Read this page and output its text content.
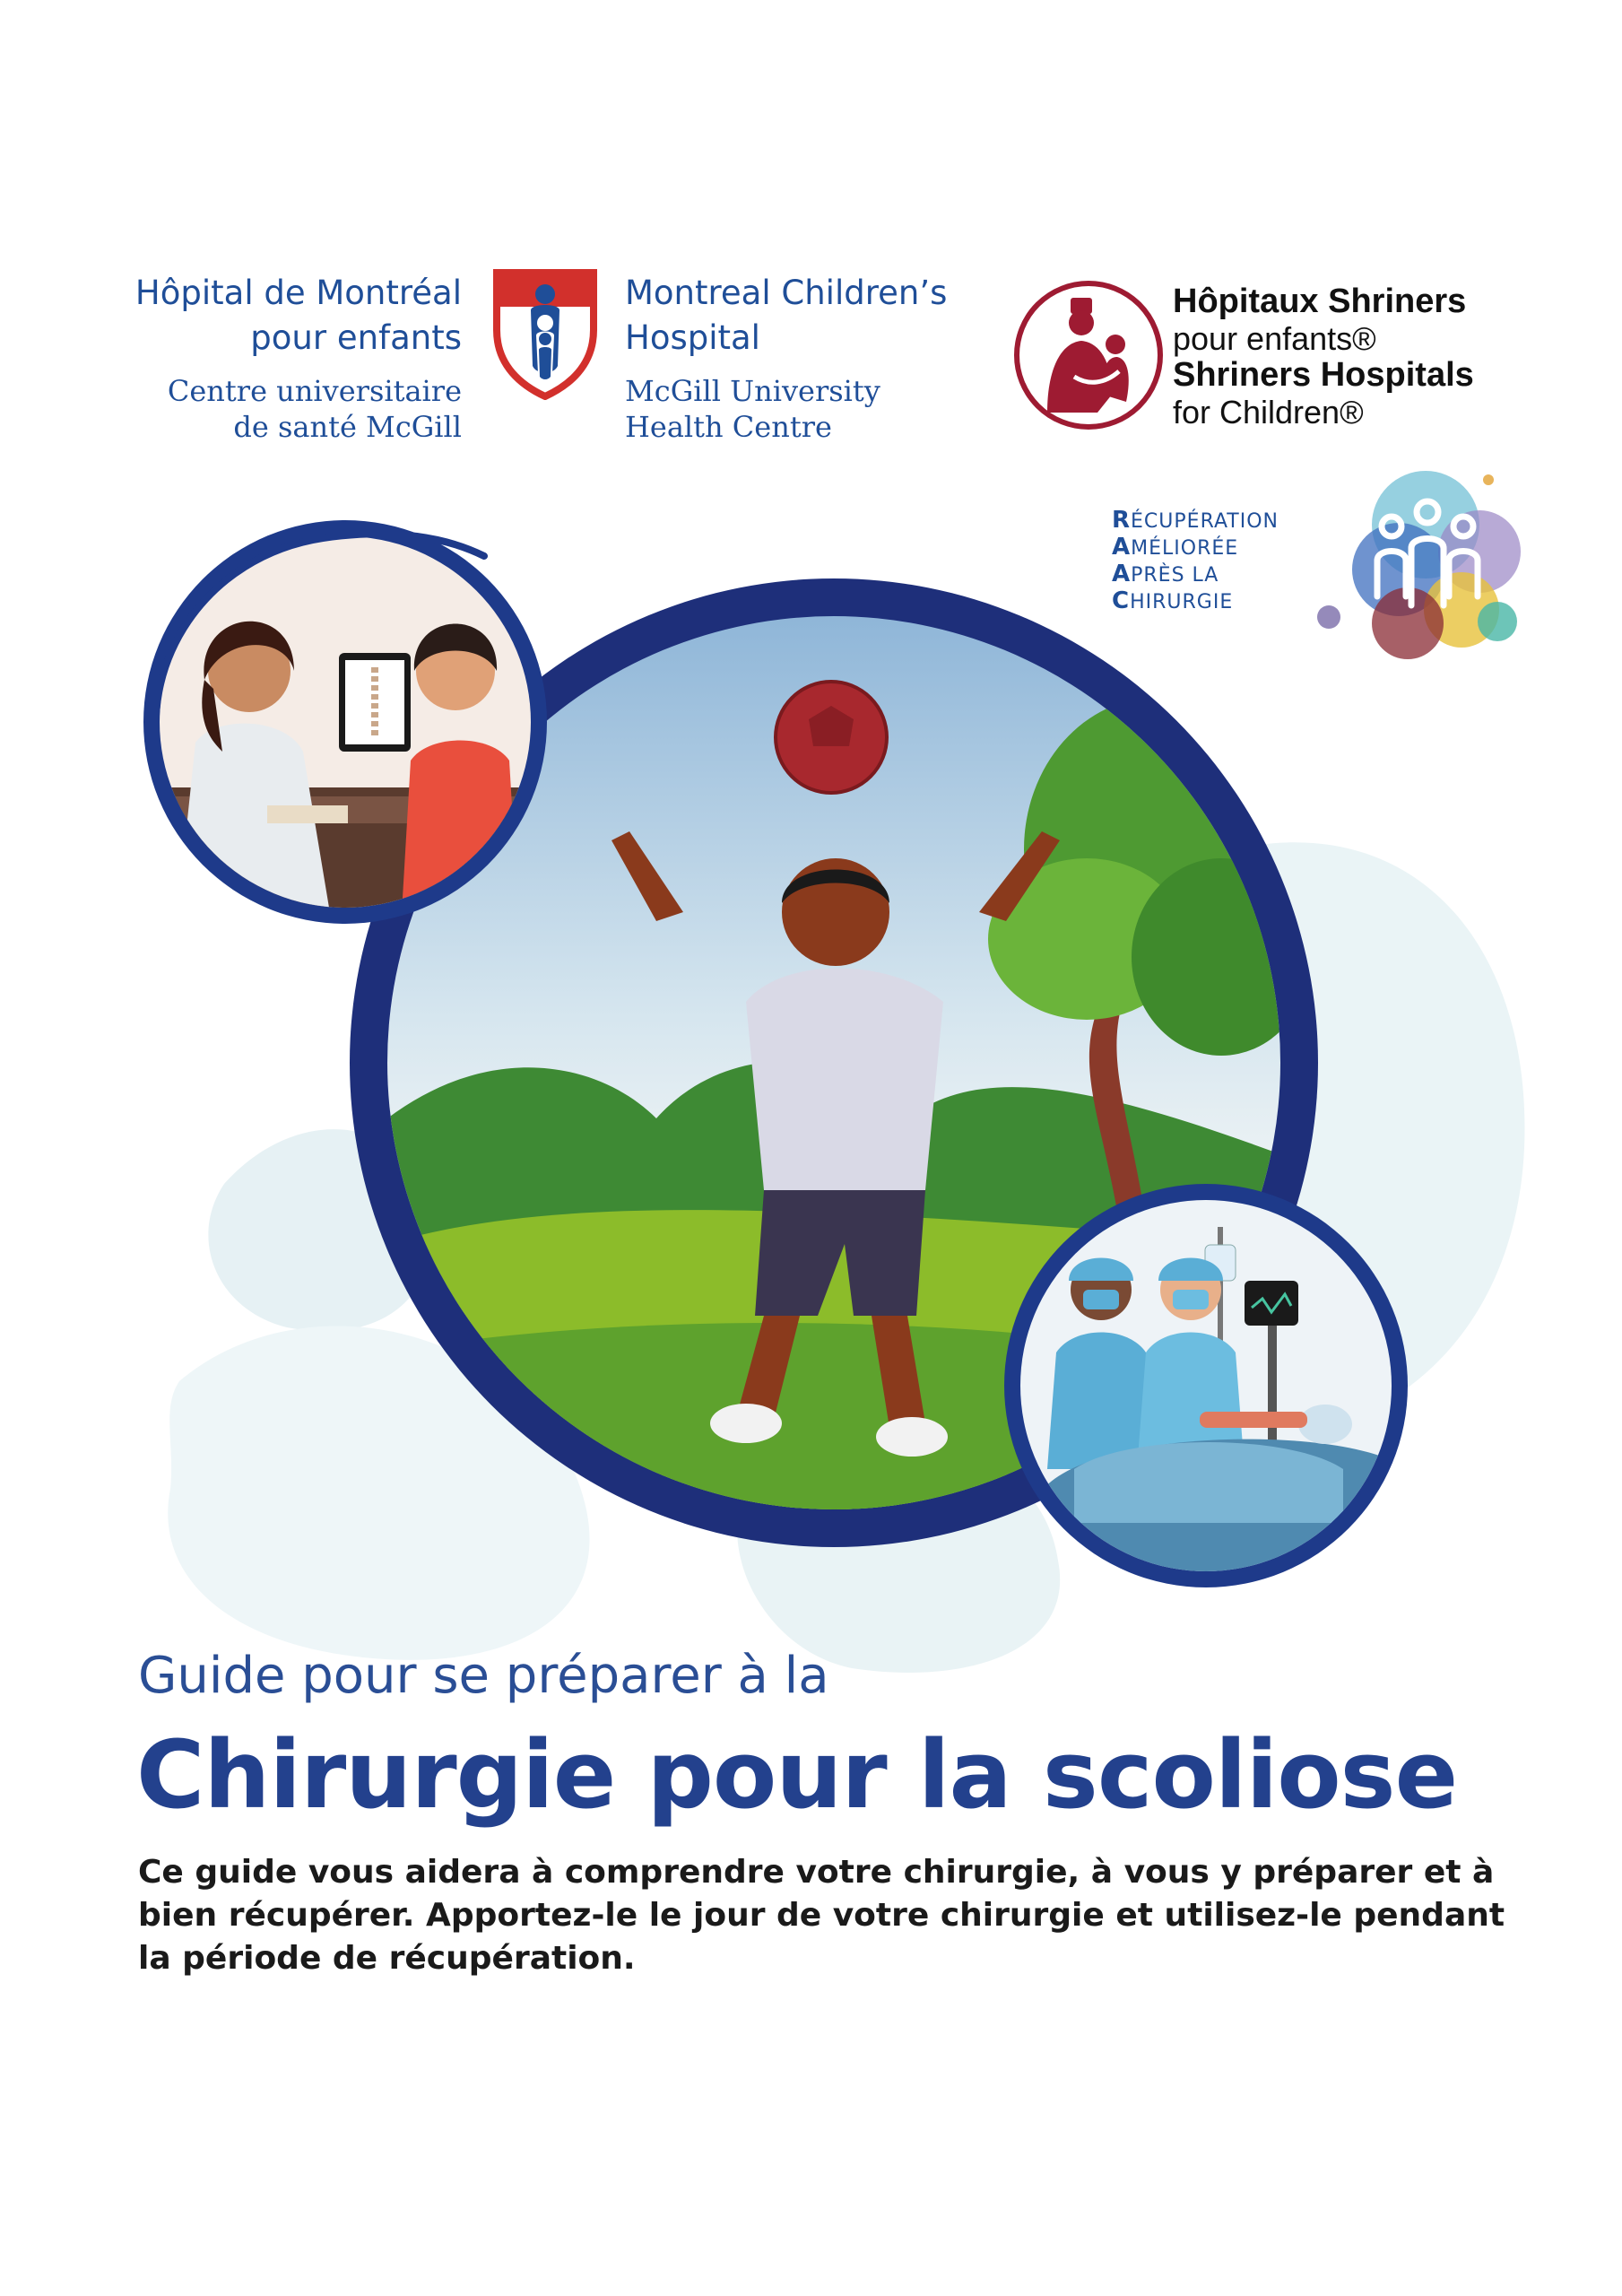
Hôpital de Montréal
pour enfants
Centre universitaire
de santé McGill
Montreal Children’s
Hospital
McGill University
Health Centre
Hôpitaux Shriners
pour enfants®
Shriners Hospitals
for Children®
RÉCUPÉRATION
AMÉLIORÉE
APRÈS LA
CHIRURGIE
Guide pour se préparer à la
Chirurgie pour la scoliose
Ce guide vous aidera à comprendre votre chirurgie, à vous y préparer et à bien récupérer. Apportez-le le jour de votre chirurgie et utilisez-le pendant la période de récupération.
